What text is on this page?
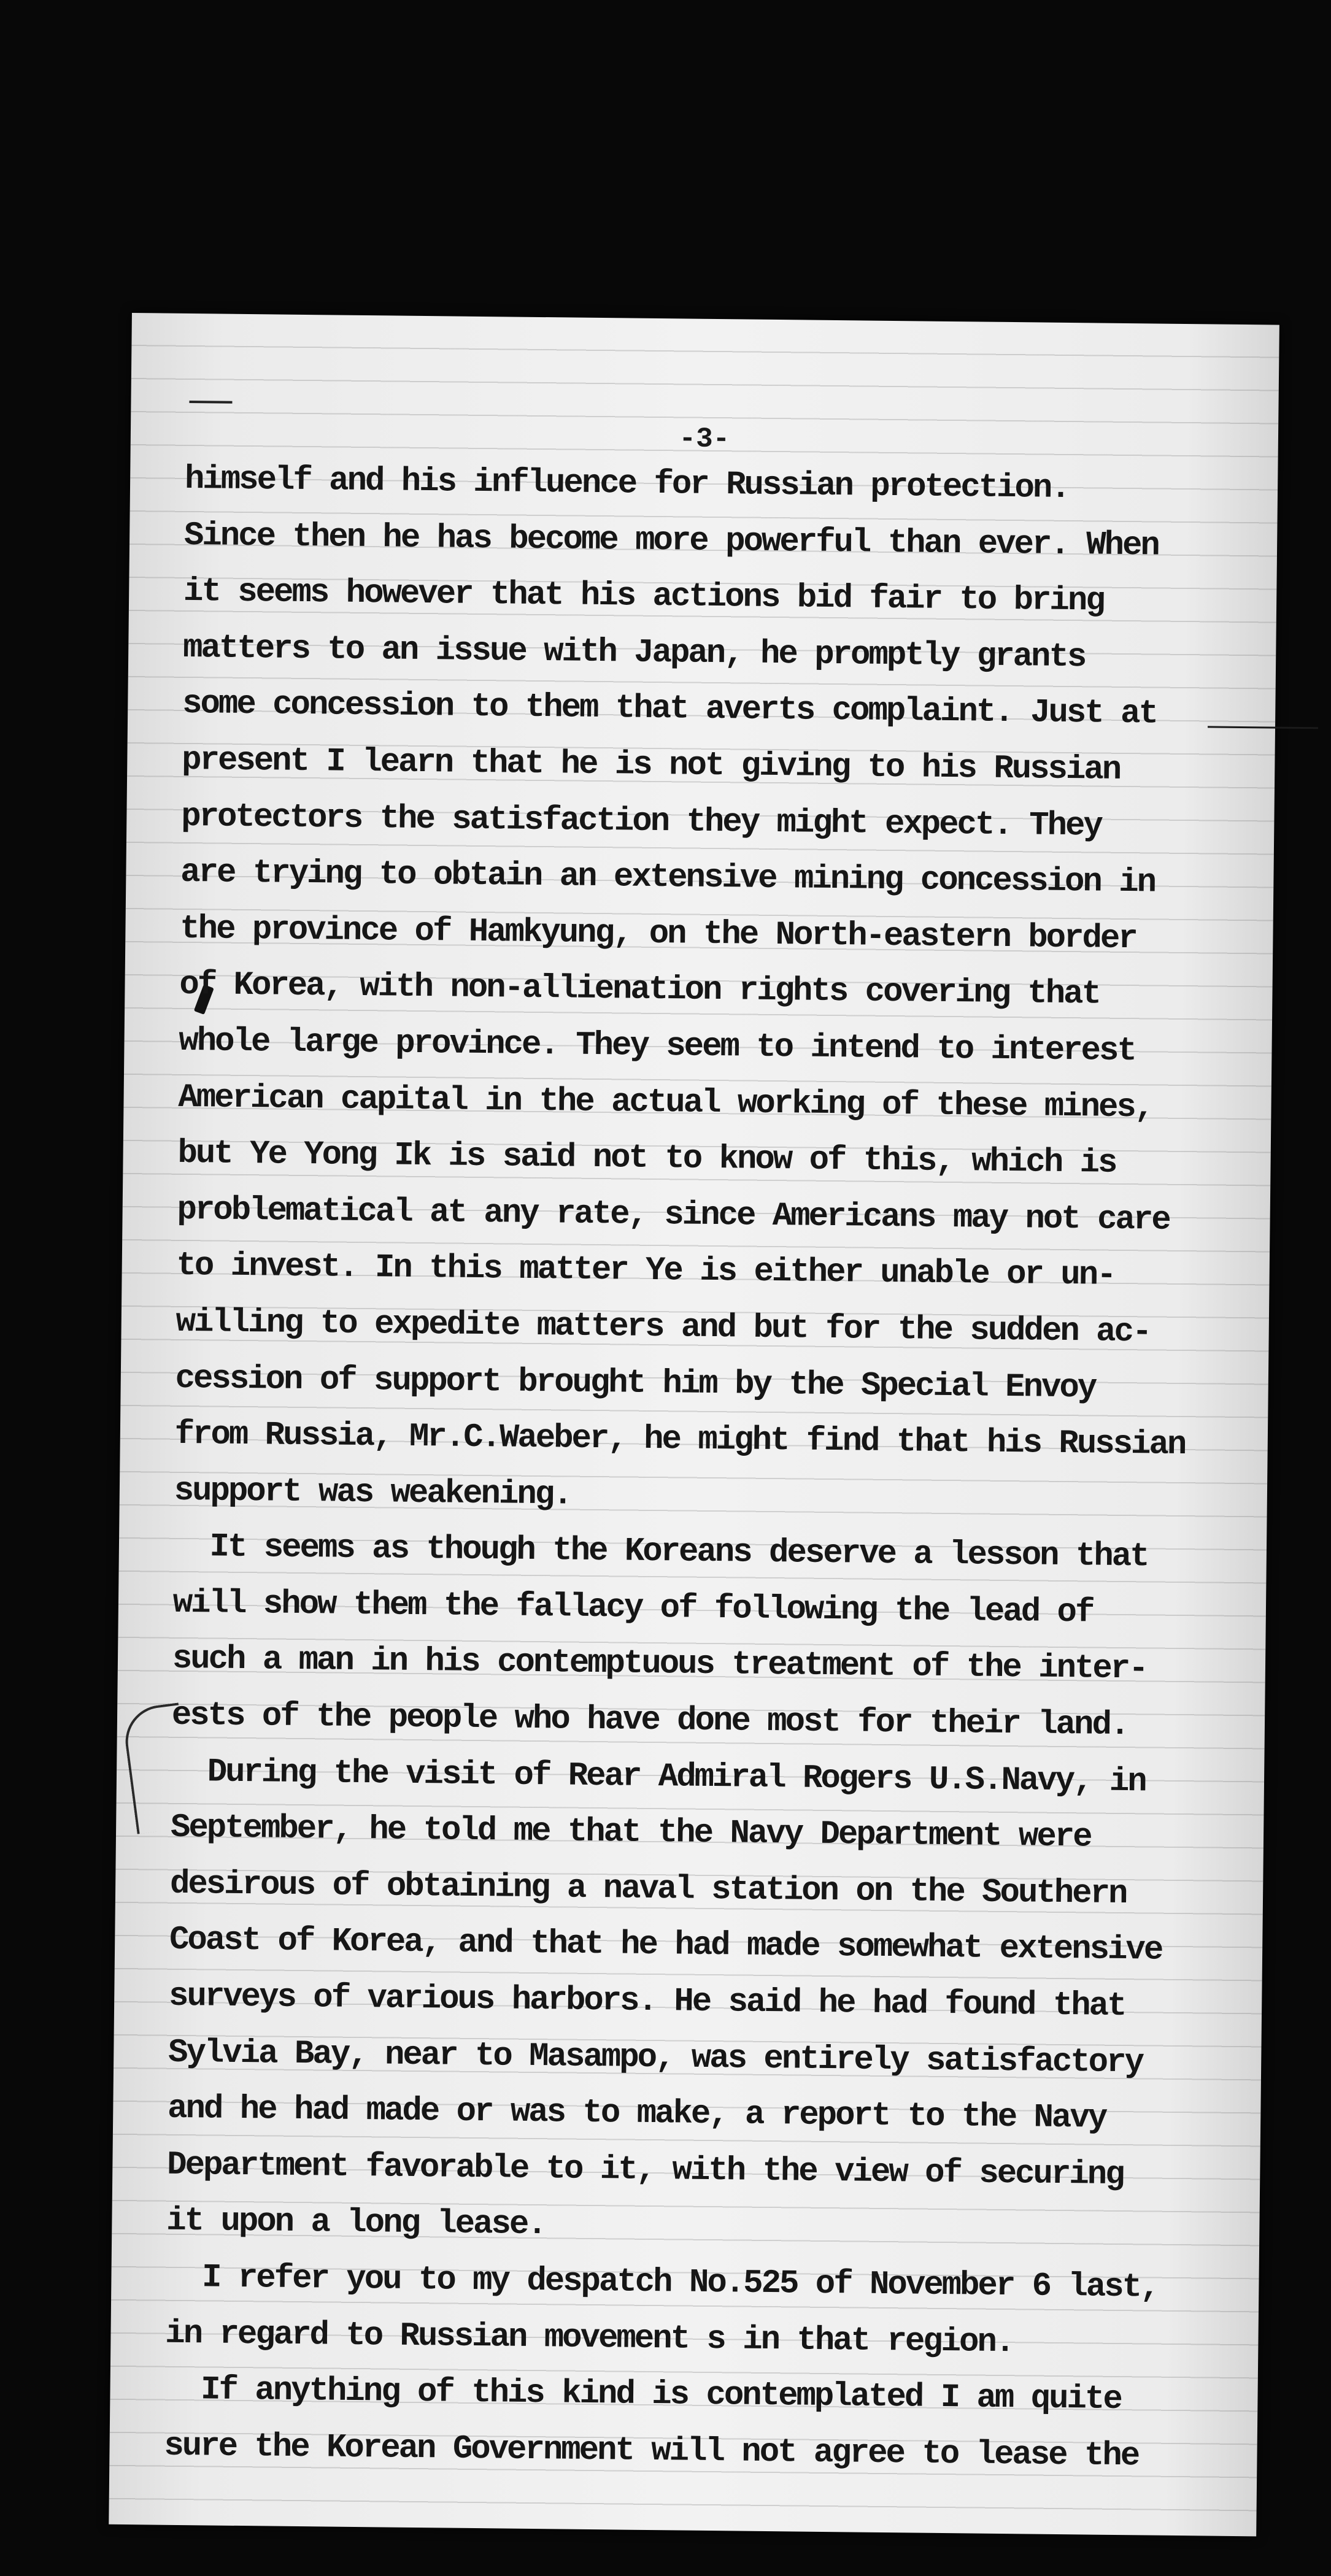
-3-
himself and his influence for Russian protection.
Since then he has become more powerful than ever. When
it seems however that his actions bid fair to bring
matters to an issue with Japan, he promptly grants
some concession to them that averts complaint. Just at
present I learn that he is not giving to his Russian
protectors the satisfaction they might expect. They
are trying to obtain an extensive mining concession in
the province of Hamkyung, on the North-eastern border
of Korea, with non-allienation rights covering that
whole large province. They seem to intend to interest
American capital in the actual working of these mines,
but Ye Yong Ik is said not to know of this, which is
problematical at any rate, since Americans may not care
to invest. In this matter Ye is either unable or un-
willing to expedite matters and but for the sudden ac-
cession of support brought him by the Special Envoy
from Russia, Mr.C.Waeber, he might find that his Russian
support was weakening.
It seems as though the Koreans deserve a lesson that
will show them the fallacy of following the lead of
such a man in his contemptuous treatment of the inter-
ests of the people who have done most for their land.
During the visit of Rear Admiral Rogers U.S.Navy, in
September, he told me that the Navy Department were
desirous of obtaining a naval station on the Southern
Coast of Korea, and that he had made somewhat extensive
surveys of various harbors. He said he had found that
Sylvia Bay, near to Masampo, was entirely satisfactory
and he had made or was to make, a report to the Navy
Department favorable to it, with the view of securing
it upon a long lease.
I refer you to my despatch No.525 of November 6 last,
in regard to Russian movement s in that region.
If anything of this kind is contemplated I am quite
sure the Korean Government will not agree to lease the
